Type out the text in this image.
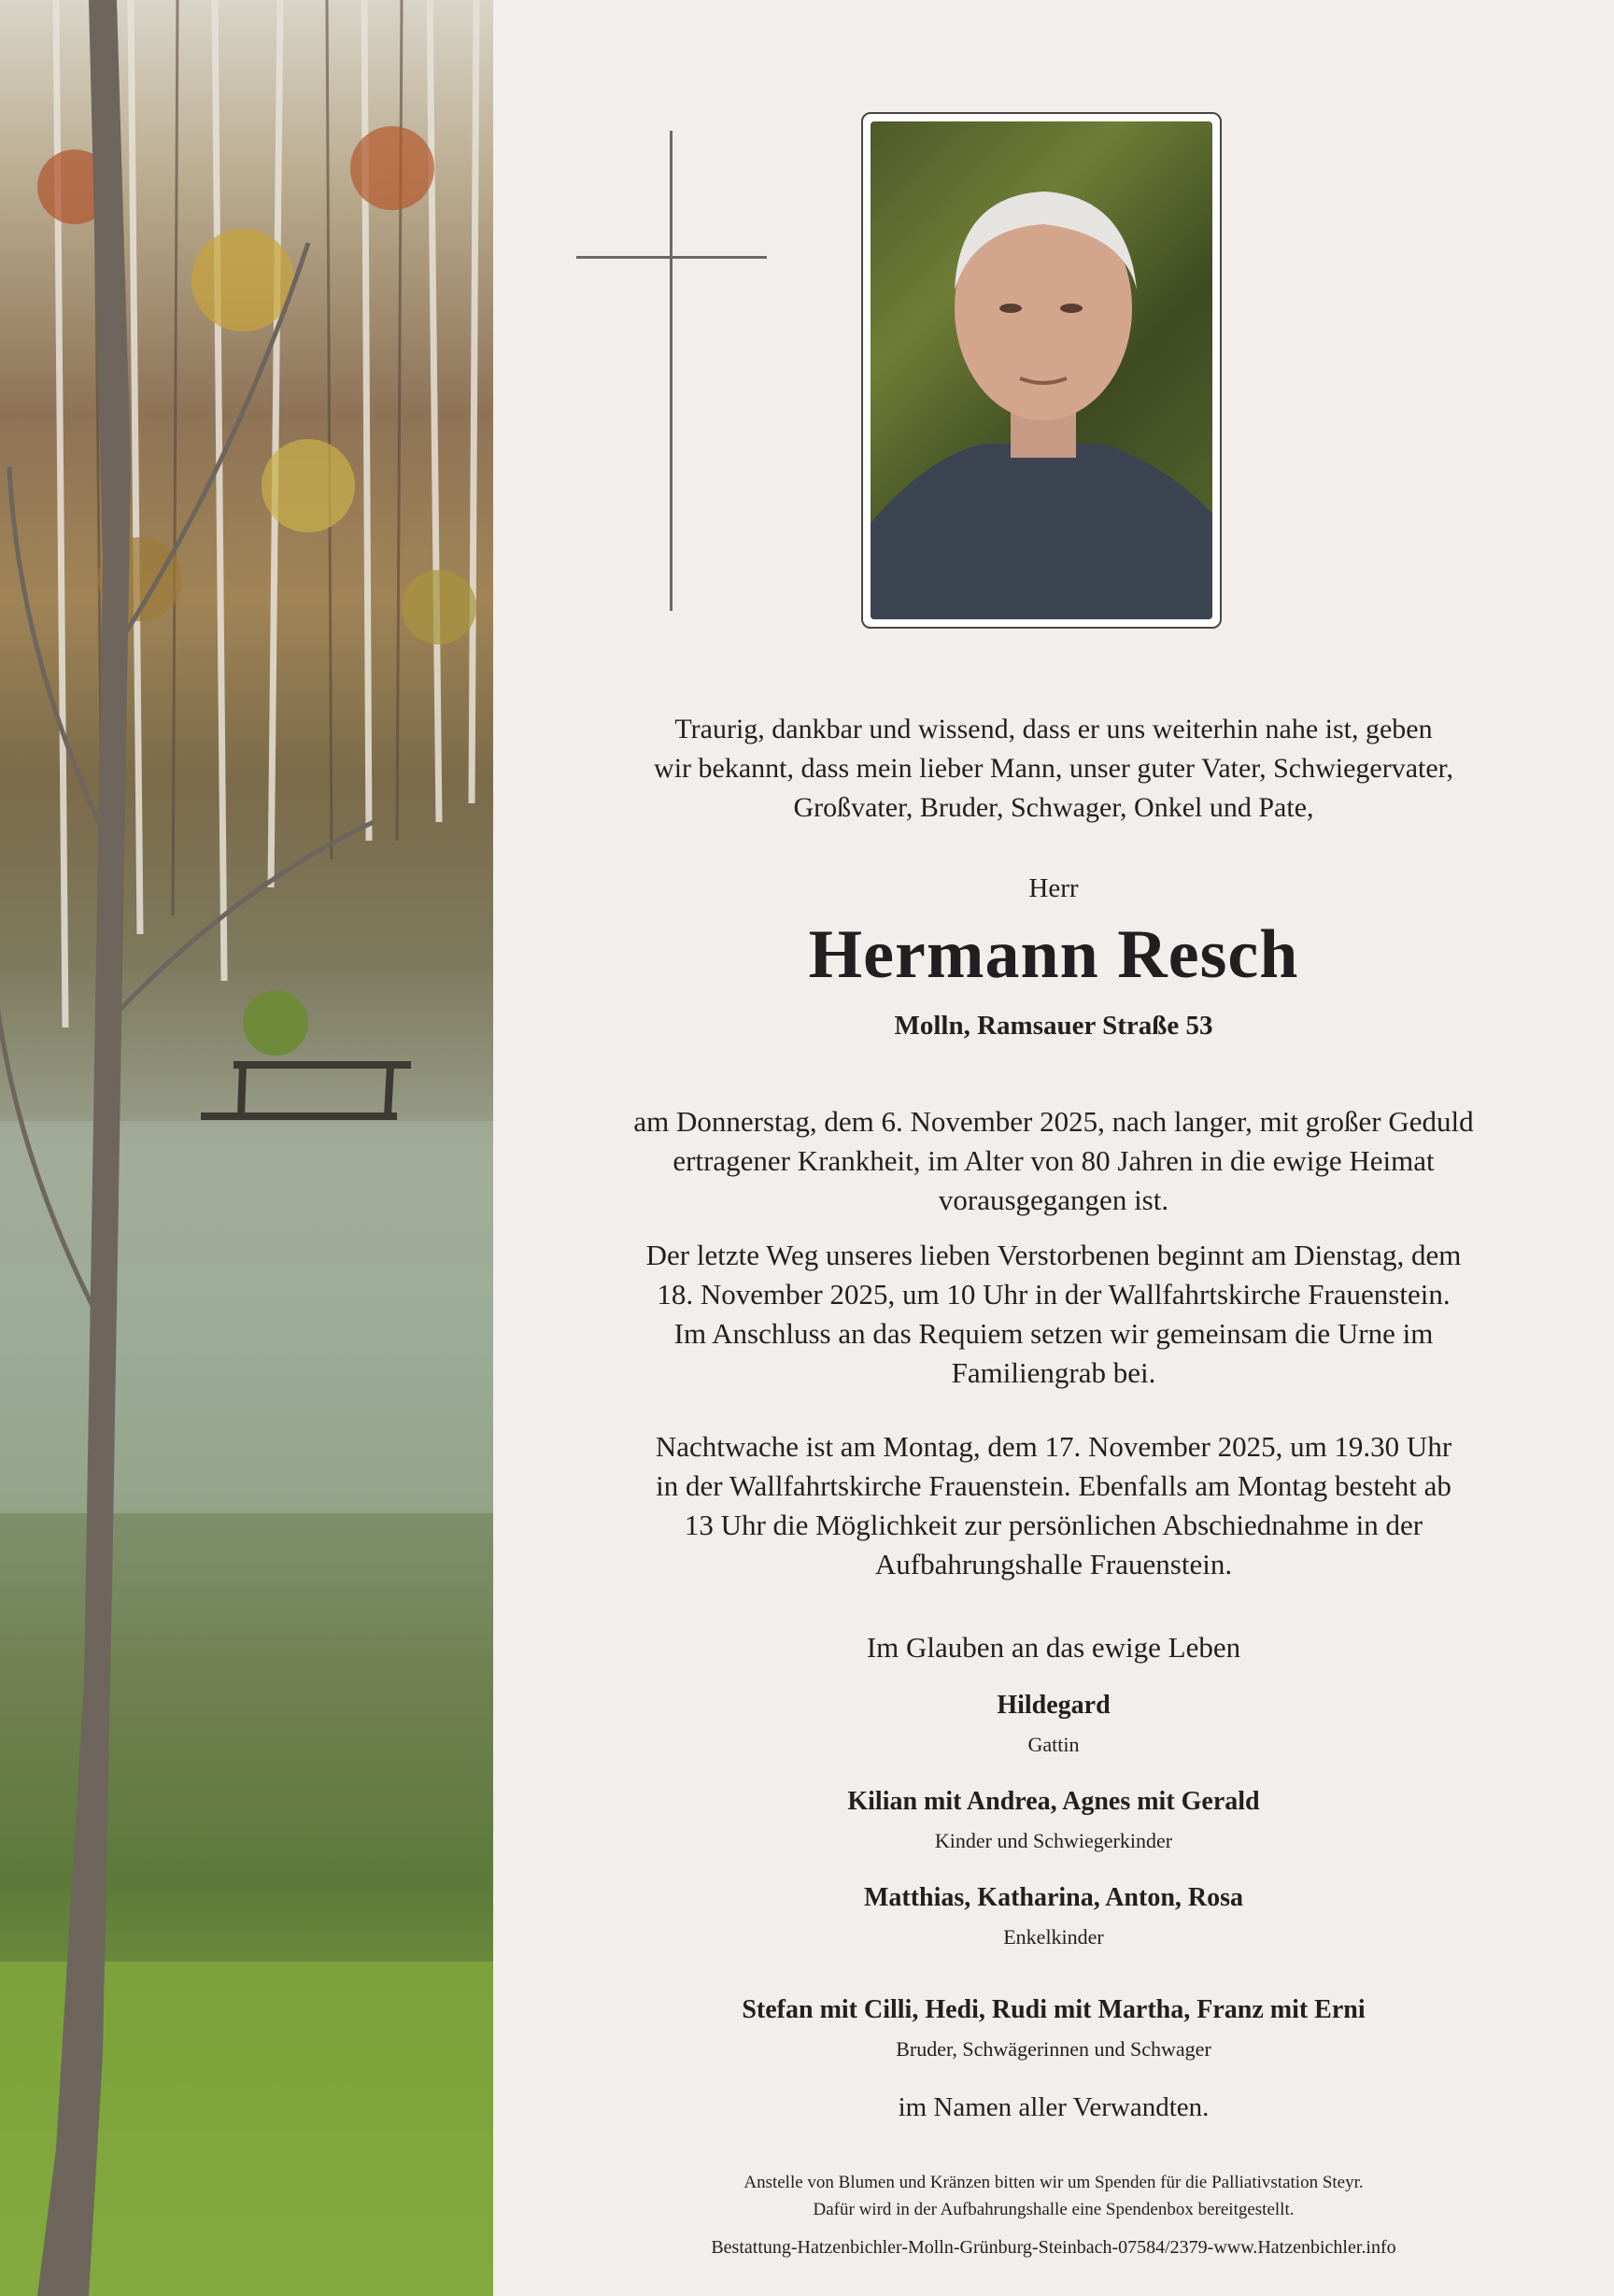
Traurig, dankbar und wissend, dass er uns weiterhin nahe ist, geben
wir bekannt, dass mein lieber Mann, unser guter Vater, Schwiegervater,
Großvater, Bruder, Schwager, Onkel und Pate,
Herr
Hermann Resch
Molln, Ramsauer Straße 53
am Donnerstag, dem 6. November 2025, nach langer, mit großer Geduld
ertragener Krankheit, im Alter von 80 Jahren in die ewige Heimat
vorausgegangen ist.
Der letzte Weg unseres lieben Verstorbenen beginnt am Dienstag, dem
18. November 2025, um 10 Uhr in der Wallfahrtskirche Frauenstein.
Im Anschluss an das Requiem setzen wir gemeinsam die Urne im
Familiengrab bei.
Nachtwache ist am Montag, dem 17. November 2025, um 19.30 Uhr
in der Wallfahrtskirche Frauenstein. Ebenfalls am Montag besteht ab
13 Uhr die Möglichkeit zur persönlichen Abschiednahme in der
Aufbahrungshalle Frauenstein.
Im Glauben an das ewige Leben
Hildegard
Gattin
Kilian mit Andrea, Agnes mit Gerald
Kinder und Schwiegerkinder
Matthias, Katharina, Anton, Rosa
Enkelkinder
Stefan mit Cilli, Hedi, Rudi mit Martha, Franz mit Erni
Bruder, Schwägerinnen und Schwager
im Namen aller Verwandten.
Anstelle von Blumen und Kränzen bitten wir um Spenden für die Palliativstation Steyr.
Dafür wird in der Aufbahrungshalle eine Spendenbox bereitgestellt.
Bestattung-Hatzenbichler-Molln-Grünburg-Steinbach-07584/2379-www.Hatzenbichler.info
